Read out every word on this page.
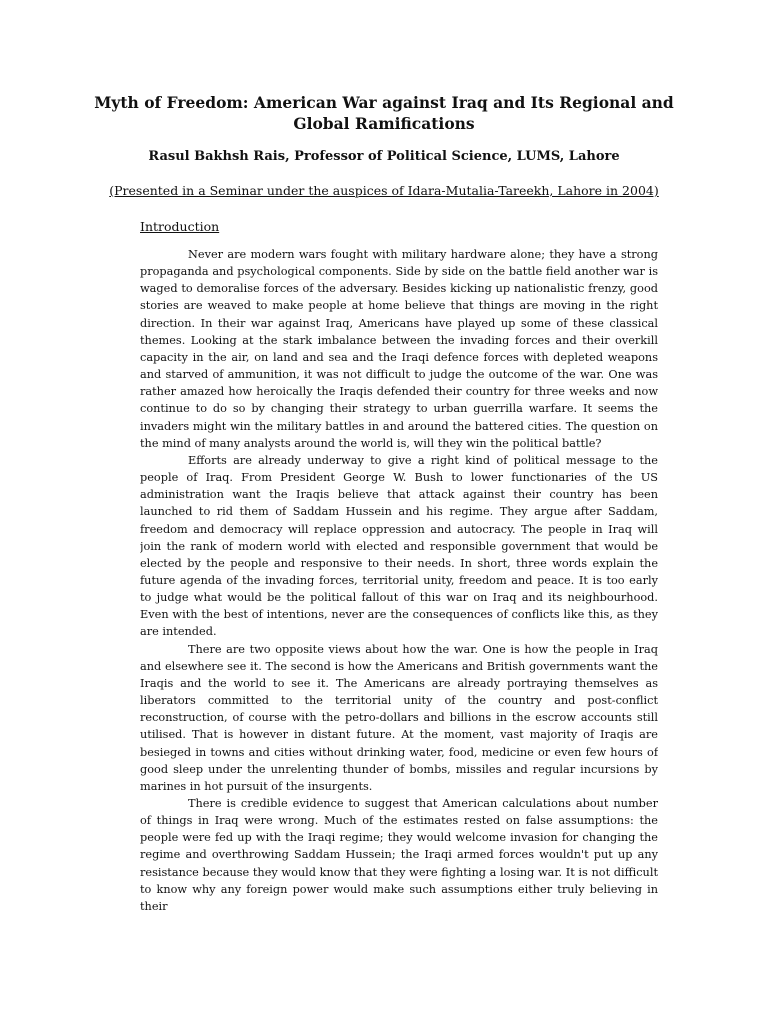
Myth of Freedom: American War against Iraq and Its Regional and Global Ramifications
Rasul Bakhsh Rais, Professor of Political Science, LUMS, Lahore
(Presented in a Seminar under the auspices of Idara-Mutalia-Tareekh, Lahore in 2004)
Introduction

Never are modern wars fought with military hardware alone; they have a strong propaganda and psychological components. Side by side on the battle field another war is waged to demoralise forces of the adversary. Besides kicking up nationalistic frenzy, good stories are weaved to make people at home believe that things are moving in the right direction. In their war against Iraq, Americans have played up some of these classical themes. Looking at the stark imbalance between the invading forces and their overkill capacity in the air, on land and sea and the Iraqi defence forces with depleted weapons and starved of ammunition, it was not difficult to judge the outcome of the war. One was rather amazed how heroically the Iraqis defended their country for three weeks and now continue to do so by changing their strategy to urban guerrilla warfare. It seems the invaders might win the military battles in and around the battered cities. The question on the mind of many analysts around the world is, will they win the political battle?

Efforts are already underway to give a right kind of political message to the people of Iraq. From President George W. Bush to lower functionaries of the US administration want the Iraqis believe that attack against their country has been launched to rid them of Saddam Hussein and his regime. They argue after Saddam, freedom and democracy will replace oppression and autocracy. The people in Iraq will join the rank of modern world with elected and responsible government that would be elected by the people and responsive to their needs. In short, three words explain the future agenda of the invading forces, territorial unity, freedom and peace. It is too early to judge what would be the political fallout of this war on Iraq and its neighbourhood. Even with the best of intentions, never are the consequences of conflicts like this, as they are intended.

There are two opposite views about how the war. One is how the people in Iraq and elsewhere see it. The second is how the Americans and British governments want the Iraqis and the world to see it. The Americans are already portraying themselves as liberators committed to the territorial unity of the country and post-conflict reconstruction, of course with the petro-dollars and billions in the escrow accounts still utilised. That is however in distant future. At the moment, vast majority of Iraqis are besieged in towns and cities without drinking water, food, medicine or even few hours of good sleep under the unrelenting thunder of bombs, missiles and regular incursions by marines in hot pursuit of the insurgents.

There is credible evidence to suggest that American calculations about number of things in Iraq were wrong. Much of the estimates rested on false assumptions: the people were fed up with the Iraqi regime; they would welcome invasion for changing the regime and overthrowing Saddam Hussein; the Iraqi armed forces wouldn't put up any resistance because they would know that they were fighting a losing war. It is not difficult to know why any foreign power would make such assumptions either truly believing in their
